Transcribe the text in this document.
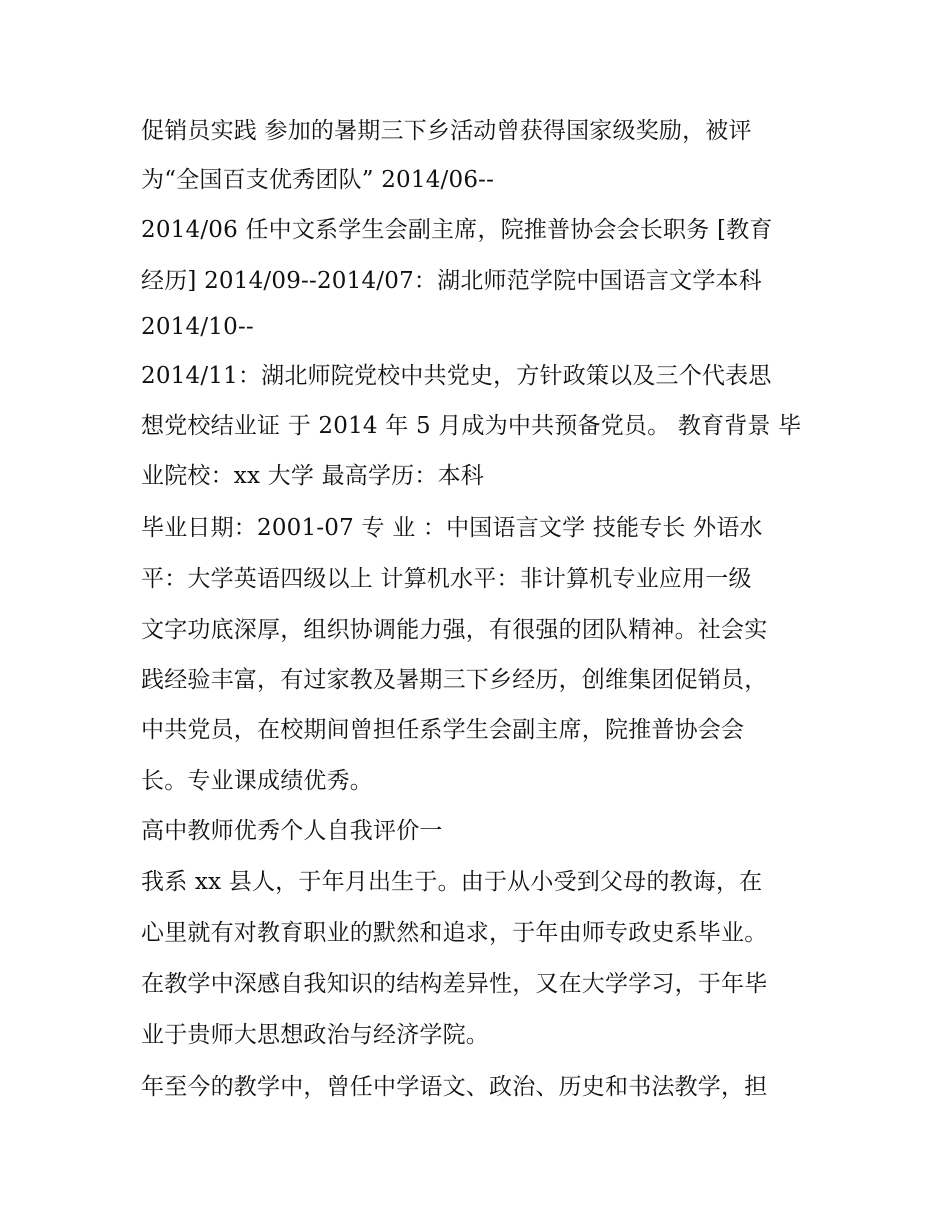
促销员实践 参加的暑期三下乡活动曾获得国家级奖励，被评
为“全国百支优秀团队” 2014/06--
2014/06 任中文系学生会副主席，院推普协会会长职务 [教育
经历] 2014/09--2014/07：湖北师范学院中国语言文学本科
2014/10--
2014/11：湖北师院党校中共党史，方针政策以及三个代表思
想党校结业证 于 2014 年 5 月成为中共预备党员。 教育背景 毕
业院校：xx 大学 最高学历：本科
毕业日期：2001-07 专 业 ：中国语言文学 技能专长 外语水
平：大学英语四级以上 计算机水平：非计算机专业应用一级
文字功底深厚，组织协调能力强，有很强的团队精神。社会实
践经验丰富，有过家教及暑期三下乡经历，创维集团促销员，
中共党员，在校期间曾担任系学生会副主席，院推普协会会
长。专业课成绩优秀。
高中教师优秀个人自我评价一
我系 xx 县人，于年月出生于。由于从小受到父母的教诲，在
心里就有对教育职业的默然和追求，于年由师专政史系毕业。
在教学中深感自我知识的结构差异性，又在大学学习，于年毕
业于贵师大思想政治与经济学院。
年至今的教学中，曾任中学语文、政治、历史和书法教学，担
